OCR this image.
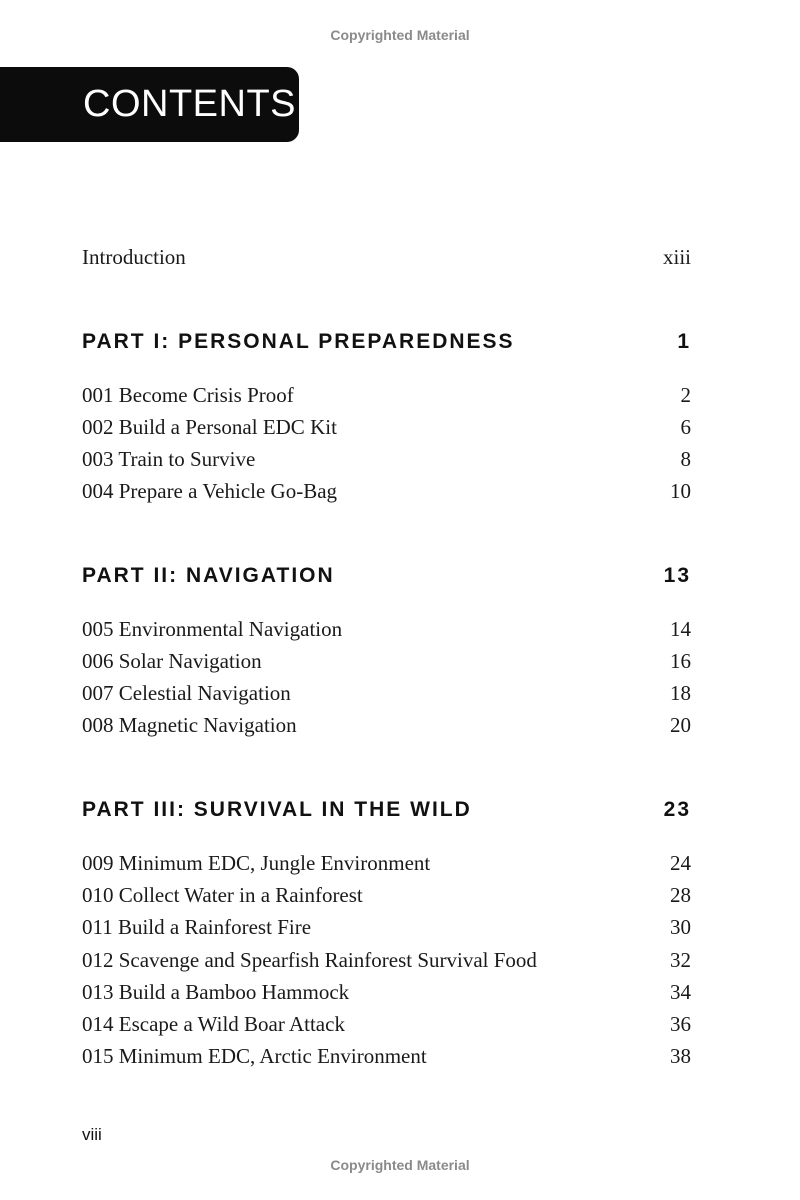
Copyrighted Material
CONTENTS
Introduction	xiii
PART I: PERSONAL PREPAREDNESS	1
001 Become Crisis Proof	2
002 Build a Personal EDC Kit	6
003 Train to Survive	8
004 Prepare a Vehicle Go-Bag	10
PART II: NAVIGATION	13
005 Environmental Navigation	14
006 Solar Navigation	16
007 Celestial Navigation	18
008 Magnetic Navigation	20
PART III: SURVIVAL IN THE WILD	23
009 Minimum EDC, Jungle Environment	24
010 Collect Water in a Rainforest	28
011 Build a Rainforest Fire	30
012 Scavenge and Spearfish Rainforest Survival Food	32
013 Build a Bamboo Hammock	34
014 Escape a Wild Boar Attack	36
015 Minimum EDC, Arctic Environment	38
viii
Copyrighted Material
